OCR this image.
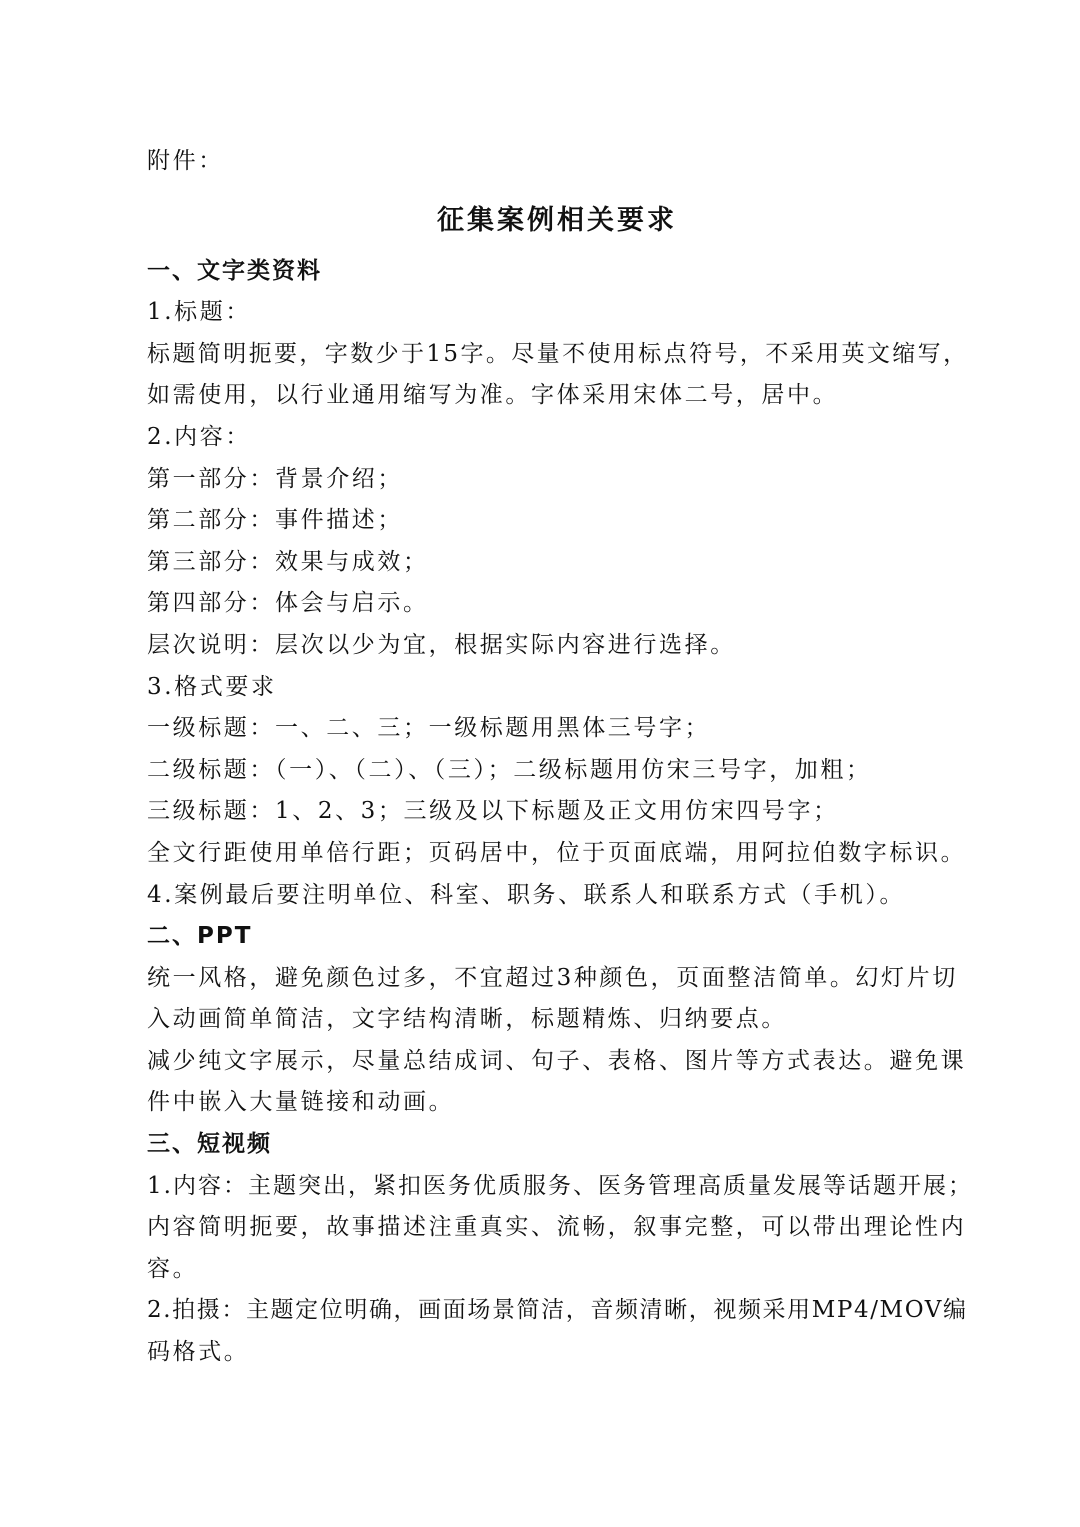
附件：

征集案例相关要求

一、文字类资料

1.标题：

标题简明扼要，字数少于15字。尽量不使用标点符号，不采用英文缩写，

如需使用，以行业通用缩写为准。字体采用宋体二号，居中。

2.内容：

第一部分：背景介绍；

第二部分：事件描述；

第三部分：效果与成效；

第四部分：体会与启示。

层次说明：层次以少为宜，根据实际内容进行选择。

3.格式要求

一级标题：一、二、三；一级标题用黑体三号字；

二级标题：（一）、（二）、（三）；二级标题用仿宋三号字，加粗；

三级标题：1、2、3；三级及以下标题及正文用仿宋四号字；

全文行距使用单倍行距；页码居中，位于页面底端，用阿拉伯数字标识。

4.案例最后要注明单位、科室、职务、联系人和联系方式（手机）。

二、PPT

统一风格，避免颜色过多，不宜超过3种颜色，页面整洁简单。幻灯片切

入动画简单简洁，文字结构清晰，标题精炼、归纳要点。

减少纯文字展示，尽量总结成词、句子、表格、图片等方式表达。避免课

件中嵌入大量链接和动画。

三、短视频

1.内容：主题突出，紧扣医务优质服务、医务管理高质量发展等话题开展；

内容简明扼要，故事描述注重真实、流畅，叙事完整，可以带出理论性内

容。

2.拍摄：主题定位明确，画面场景简洁，音频清晰，视频采用MP4/MOV编

码格式。
